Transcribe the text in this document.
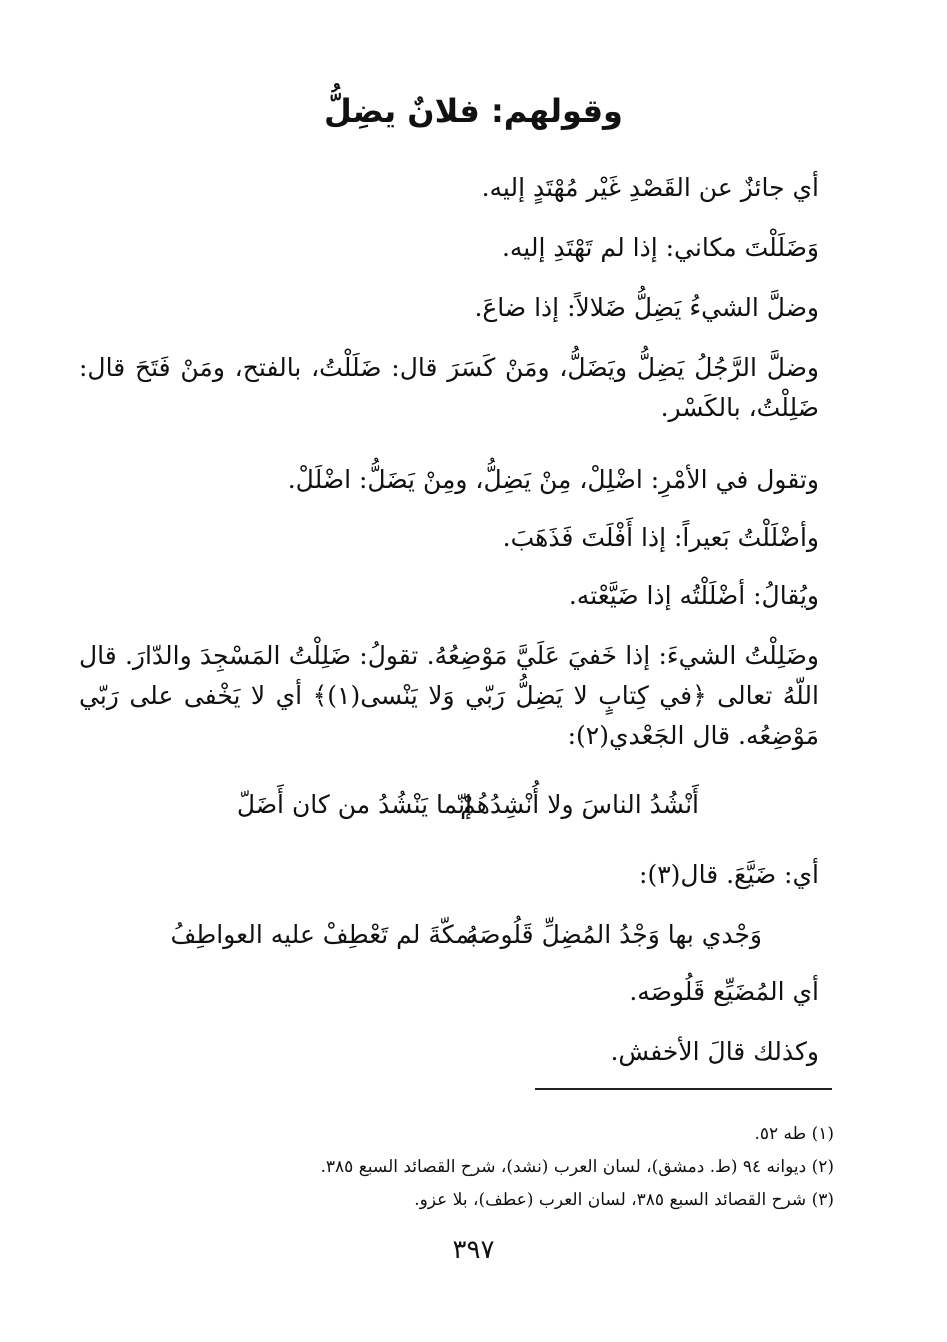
وقولهم: فلانٌ يضِلُّ
أي جائزٌ عن القَصْدِ غَيْر مُهْتَدٍ إليه.
وَضَلَلْتَ مكاني: إذا لم تَهْتَدِ إليه.
وضلَّ الشيءُ يَضِلُّ ضَلالاً: إذا ضاعَ.
وضلَّ الرَّجُلُ يَضِلُّ ويَضَلُّ، ومَنْ كَسَرَ قال: ضَلَلْتُ، بالفتح، ومَنْ فَتَحَ قال: ضَلِلْتُ، بالكَسْر.
وتقول في الأمْرِ: اضْلِلْ، مِنْ يَضِلُّ، ومِنْ يَضَلُّ: اضْلَلْ.
وأضْلَلْتُ بَعيراً: إذا أَفْلَتَ فَذَهَبَ.
ويُقالُ: أضْلَلْتُه إذا ضَيَّعْته.
وضَلِلْتُ الشيءَ: إذا خَفيَ عَلَيَّ مَوْضِعُهُ. تقولُ: ضَلِلْتُ المَسْجِدَ والدّارَ. قال اللّهُ تعالى ﴿في كِتابٍ لا يَضِلُّ رَبّي وَلا يَنْسى(١)﴾ أي لا يَخْفى على رَبّي مَوْضِعُه. قال الجَعْدي(٢):
أَنْشُدُ الناسَ ولا أُنْشِدُهُمْ
إنّما يَنْشُدُ من كان أَضَلّ
أي: ضَيَّعَ. قال(٣):
وَجْدي بها وَجْدُ المُضِلِّ قَلُوصَهُ
بمكّةَ لم تَعْطِفْ عليه العواطِفُ
أي المُضَيِّع قَلُوصَه.
وكذلك قالَ الأخفش.
(١) طه ٥٢.
(٢) ديوانه ٩٤ (ط. دمشق)، لسان العرب (نشد)، شرح القصائد السبع ٣٨٥.
(٣) شرح القصائد السبع ٣٨٥، لسان العرب (عطف)، بلا عزو.
٣٩٧
